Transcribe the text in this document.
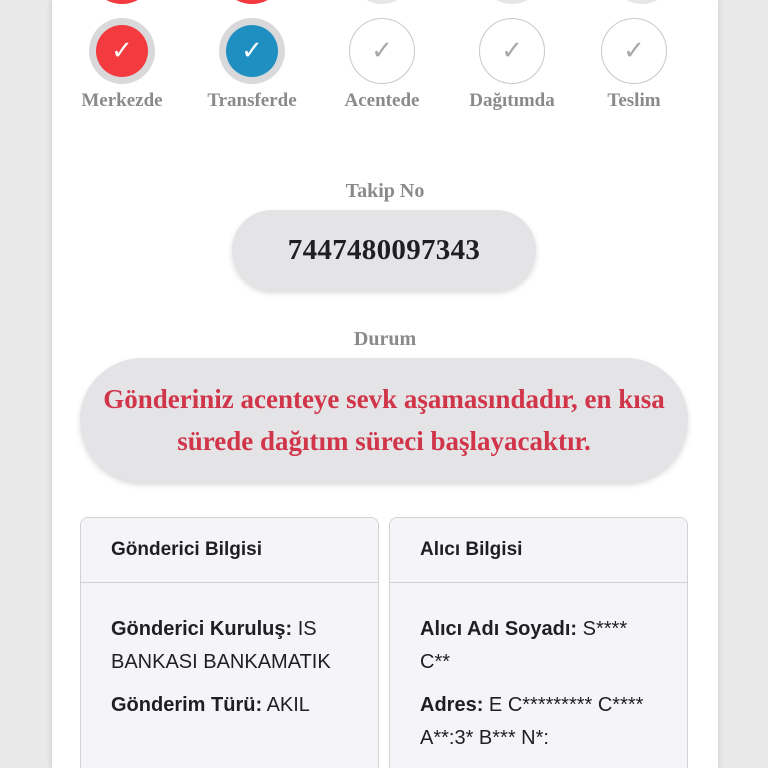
✓
Merkezde
✓
Transferde
✓
Acentede
✓
Dağıtımda
✓
Teslim
Takip No
7447480097343
Durum
Gönderiniz acenteye sevk aşamasındadır, en kısa sürede dağıtım süreci başlayacaktır.
Gönderici Bilgisi
Gönderici Kuruluş: IS BANKASI BANKAMATIK
Gönderim Türü: AKIL
Alıcı Bilgisi
Alıcı Adı Soyadı: S**** C**
Adres: E C********* C**** A**:3* B*** N*:
